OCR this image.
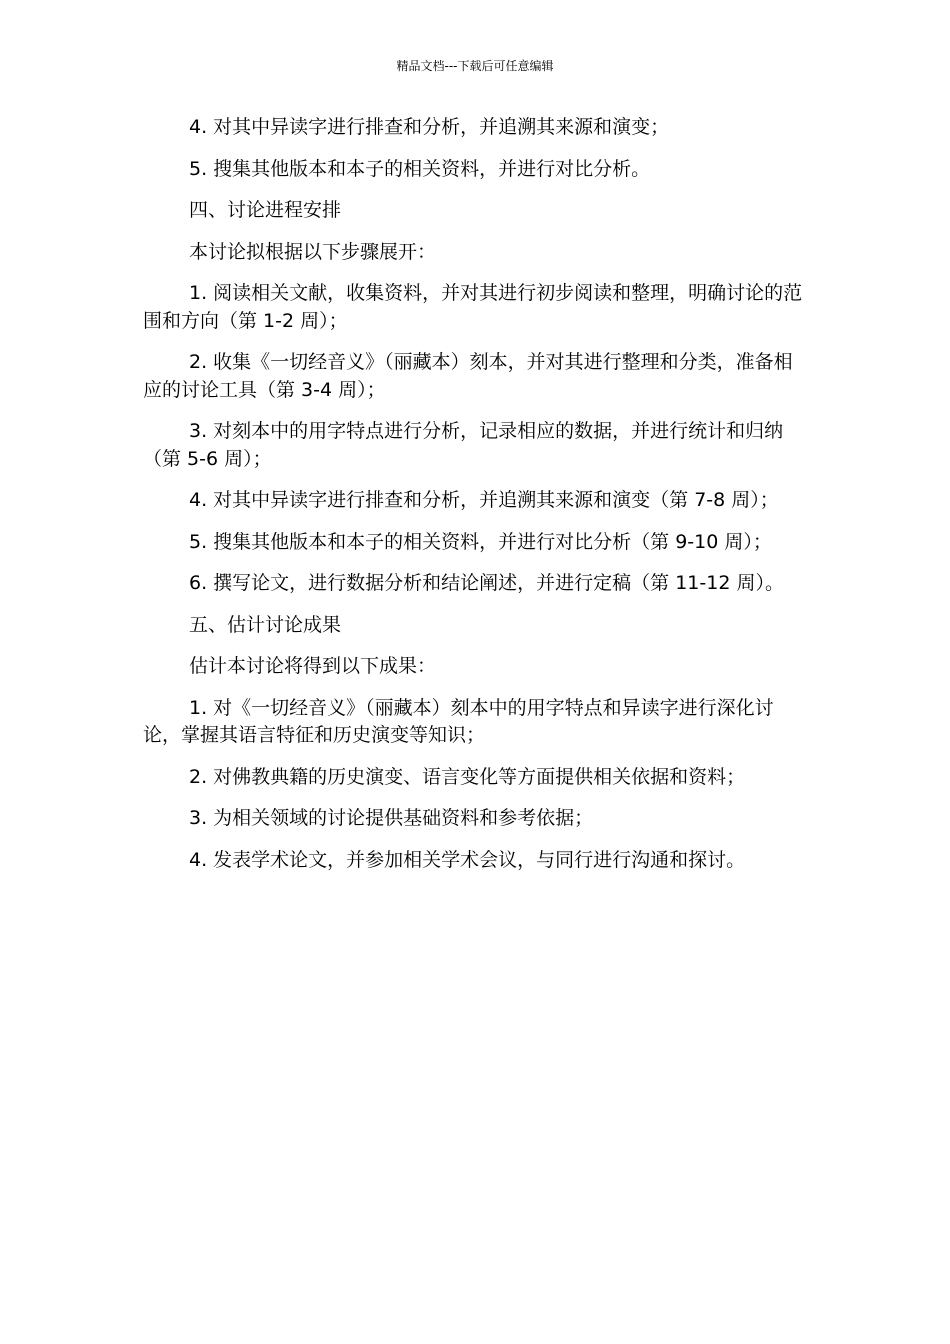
精品文档---下载后可任意编辑

4. 对其中异读字进行排查和分析，并追溯其来源和演变；

5. 搜集其他版本和本子的相关资料，并进行对比分析。

四、讨论进程安排

本讨论拟根据以下步骤展开：

1. 阅读相关文献，收集资料，并对其进行初步阅读和整理，明确讨论的范围和方向（第 1-2 周）；

2. 收集《一切经音义》（丽藏本）刻本，并对其进行整理和分类，准备相应的讨论工具（第 3-4 周）；

3. 对刻本中的用字特点进行分析，记录相应的数据，并进行统计和归纳（第 5-6 周）；

4. 对其中异读字进行排查和分析，并追溯其来源和演变（第 7-8 周）；

5. 搜集其他版本和本子的相关资料，并进行对比分析（第 9-10 周）；

6. 撰写论文，进行数据分析和结论阐述，并进行定稿（第 11-12 周）。

五、估计讨论成果

估计本讨论将得到以下成果：

1. 对《一切经音义》（丽藏本）刻本中的用字特点和异读字进行深化讨论，掌握其语言特征和历史演变等知识；

2. 对佛教典籍的历史演变、语言变化等方面提供相关依据和资料；

3. 为相关领域的讨论提供基础资料和参考依据；

4. 发表学术论文，并参加相关学术会议，与同行进行沟通和探讨。
